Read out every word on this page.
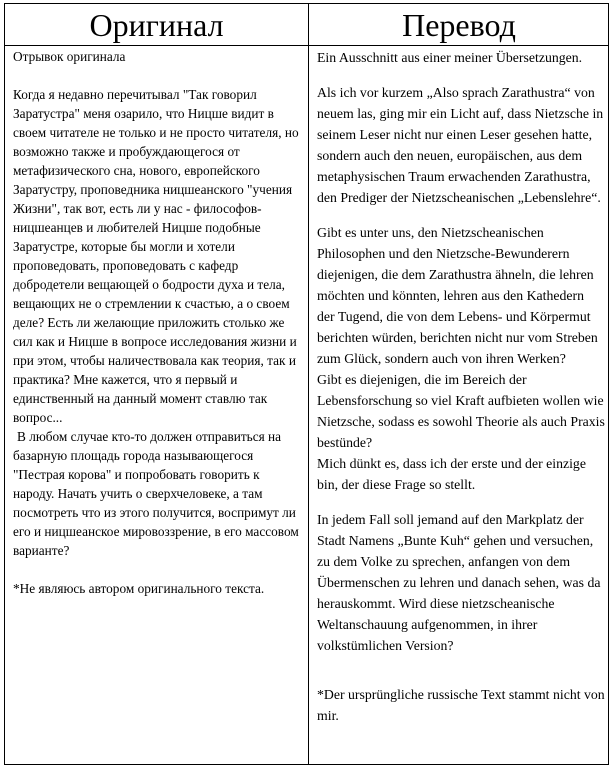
Оригинал	Перевод

Отрывок оригинала

Когда я недавно перечитывал "Так говорил Заратустра" меня озарило, что Ницше видит в своем читателе не только и не просто читателя, но возможно также и пробуждающегося от метафизического сна, нового, европейского Заратустру, проповедника ницшеанского "учения Жизни", так вот, есть ли у нас - философов-ницшеанцев и любителей Ницше подобные Заратустре, которые бы могли и хотели проповедовать, проповедовать с кафедр добродетели вещающей о бодрости духа и тела, вещающих не о стремлении к счастью, а о своем деле? Есть ли желающие приложить столько же сил как и Ницше в вопросе исследования жизни и при этом, чтобы наличествовала как теория, так и практика? Мне кажется, что я первый и единственный на данный момент ставлю так вопрос...

В любом случае кто-то должен отправиться на базарную площадь города называющегося "Пестрая корова" и попробовать говорить к народу. Начать учить о сверхчеловеке, а там посмотреть что из этого получится, воспримут ли его и ницшеанское мировоззрение, в его массовом варианте?

*Не являюсь автором оригинального текста.

Ein Ausschnitt aus einer meiner Übersetzungen.

Als ich vor kurzem „Also sprach Zarathustra“ von neuem las, ging mir ein Licht auf, dass Nietzsche in seinem Leser nicht nur einen Leser gesehen hatte, sondern auch den neuen, europäischen, aus dem metaphysischen Traum erwachenden Zarathustra, den Prediger der Nietzscheanischen „Lebenslehre“.

Gibt es unter uns, den Nietzscheanischen Philosophen und den Nietzsche-Bewunderern diejenigen, die dem Zarathustra ähneln, die lehren möchten und könnten, lehren aus den Kathedern der Tugend, die von dem Lebens- und Körpermut berichten würden, berichten nicht nur vom Streben zum Glück, sondern auch von ihren Werken?

Gibt es diejenigen, die im Bereich der Lebensforschung so viel Kraft aufbieten wollen wie Nietzsche, sodass es sowohl Theorie als auch Praxis bestünde?

Mich dünkt es, dass ich der erste und der einzige bin, der diese Frage so stellt.

In jedem Fall soll jemand auf den Markplatz der Stadt Namens „Bunte Kuh“ gehen und versuchen, zu dem Volke zu sprechen, anfangen von dem Übermenschen zu lehren und danach sehen, was da herauskommt. Wird diese nietzscheanische Weltanschauung aufgenommen, in ihrer volkstümlichen Version?

*Der ursprüngliche russische Text stammt nicht von mir.
